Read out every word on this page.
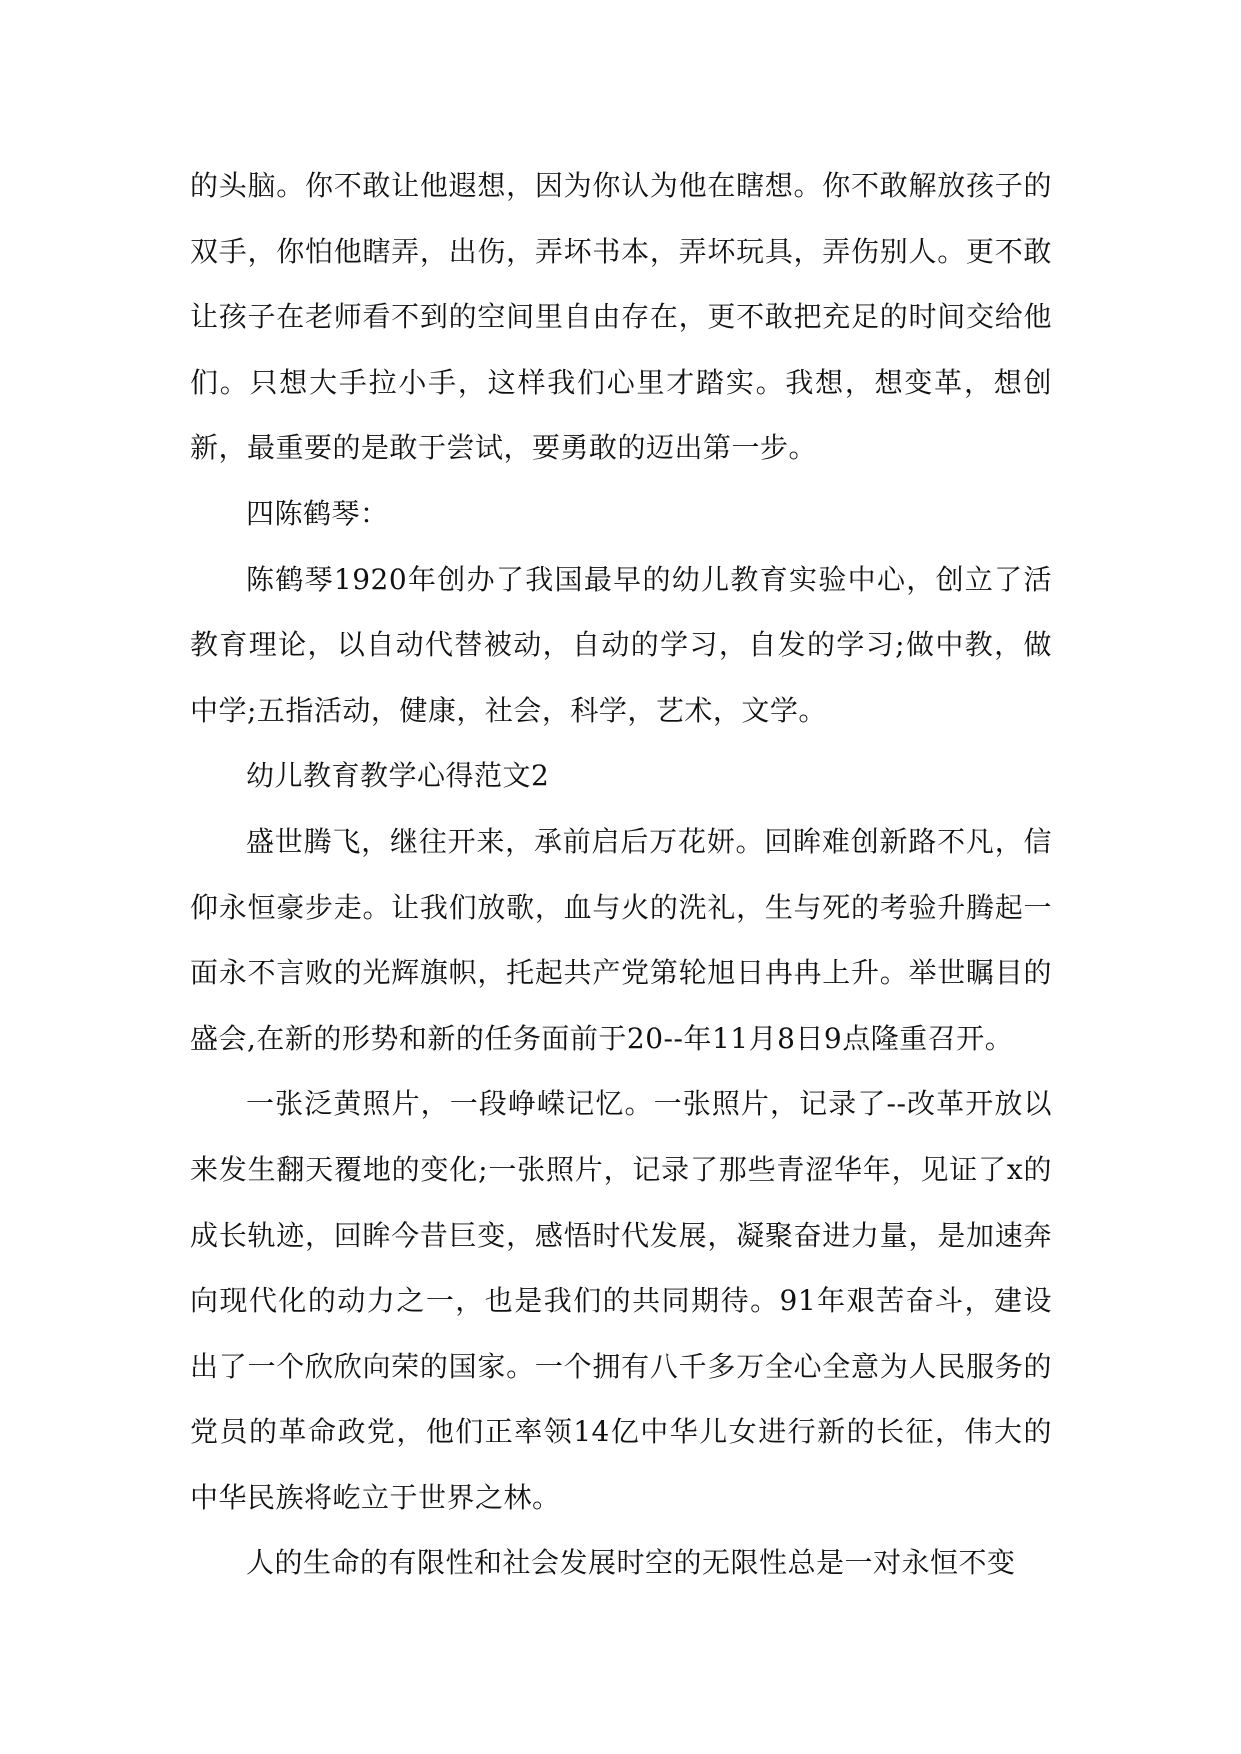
的头脑。你不敢让他遐想，因为你认为他在瞎想。你不敢解放孩子的双手，你怕他瞎弄，出伤，弄坏书本，弄坏玩具，弄伤别人。更不敢让孩子在老师看不到的空间里自由存在，更不敢把充足的时间交给他们。只想大手拉小手，这样我们心里才踏实。我想，想变革，想创新，最重要的是敢于尝试，要勇敢的迈出第一步。

四陈鹤琴：

陈鹤琴1920年创办了我国最早的幼儿教育实验中心，创立了活教育理论，以自动代替被动，自动的学习，自发的学习;做中教，做中学;五指活动，健康，社会，科学，艺术，文学。

幼儿教育教学心得范文2

盛世腾飞，继往开来，承前启后万花妍。回眸难创新路不凡，信仰永恒豪步走。让我们放歌，血与火的洗礼，生与死的考验升腾起一面永不言败的光辉旗帜，托起共产党第轮旭日冉冉上升。举世瞩目的盛会,在新的形势和新的任务面前于20--年11月8日9点隆重召开。

一张泛黄照片，一段峥嵘记忆。一张照片，记录了--改革开放以来发生翻天覆地的变化;一张照片，记录了那些青涩华年，见证了x的成长轨迹，回眸今昔巨变，感悟时代发展，凝聚奋进力量，是加速奔向现代化的动力之一，也是我们的共同期待。91年艰苦奋斗，建设出了一个欣欣向荣的国家。一个拥有八千多万全心全意为人民服务的党员的革命政党，他们正率领14亿中华儿女进行新的长征，伟大的中华民族将屹立于世界之林。

人的生命的有限性和社会发展时空的无限性总是一对永恒不变
